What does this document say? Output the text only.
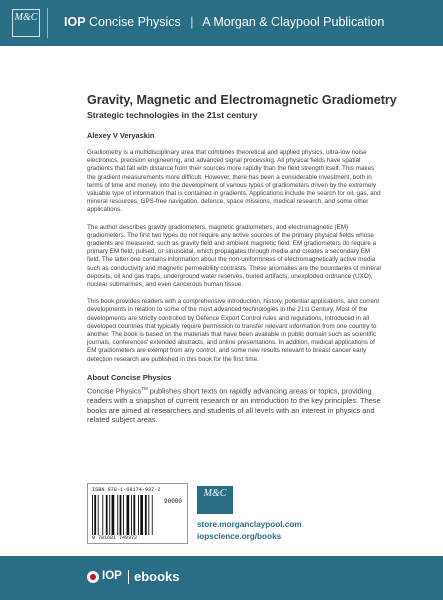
M&C IOP Concise Physics | A Morgan & Claypool Publication
Gravity, Magnetic and Electromagnetic Gradiometry
Strategic technologies in the 21st century

Alexey V Veryaskin

Gradiometry is a multidisciplinary area that combines theoretical and applied physics, ultra-low noise electronics, precision engineering, and advanced signal processing. All physical fields have spatial gradients that fall with distance from their sources more rapidly than the field strength itself. This makes the gradient measurements more difficult. However, there has been a considerable investment, both in terms of time and money, into the development of various types of gradiometers driven by the extremely valuable type of information that is contained in gradients. Applications include the search for oil, gas, and mineral resources, GPS-free navigation, defence, space missions, medical research, and some other applications.

The author describes gravity gradiometers, magnetic gradiometers, and electromagnetic (EM) gradiometers. The first two types do not require any active sources of the primary physical fields whose gradients are measured, such as gravity field and ambient magnetic field. EM gradiometers do require a primary EM field, pulsed, or sinusoidal, which propagates through media and creates a secondary EM field. The latter one contains information about the non-uniformness of electromagnetically active media such as conductivity and magnetic permeability contrasts. These anomalies are the boundaries of mineral deposits, oil and gas traps, underground water reserves, buried artifacts, unexploded ordnance (UXO), nuclear submarines, and even cancerous human tissue.

This book provides readers with a comprehensive introduction, history, potential applications, and current developments in relation to some of the most advanced technologies in the 21st Century. Most of the developments are strictly controlled by Defence Export Control rules and regulations, introduced in all developed countries that typically require permission to transfer relevant information from one country to another. The book is based on the materials that have been available in public domain such as scientific journals, conferences' extended abstracts, and online presentations. In addition, medical applications of EM gradiometers are exempt from any control, and some new results relevant to breast cancer early detection research are published in this book for the first time.

About Concise Physics

Concise Physics™ publishes short texts on rapidly advancing areas or topics, providing readers with a snapshot of current research or an introduction to the key principles. These books are aimed at researchers and students of all levels with an interest in physics and related subject areas.

ISBN 978-1-68174-937-2
90000
9 781681 749372
M&C
store.morganclaypool.com
iopscience.org/books
IOP ebooks
